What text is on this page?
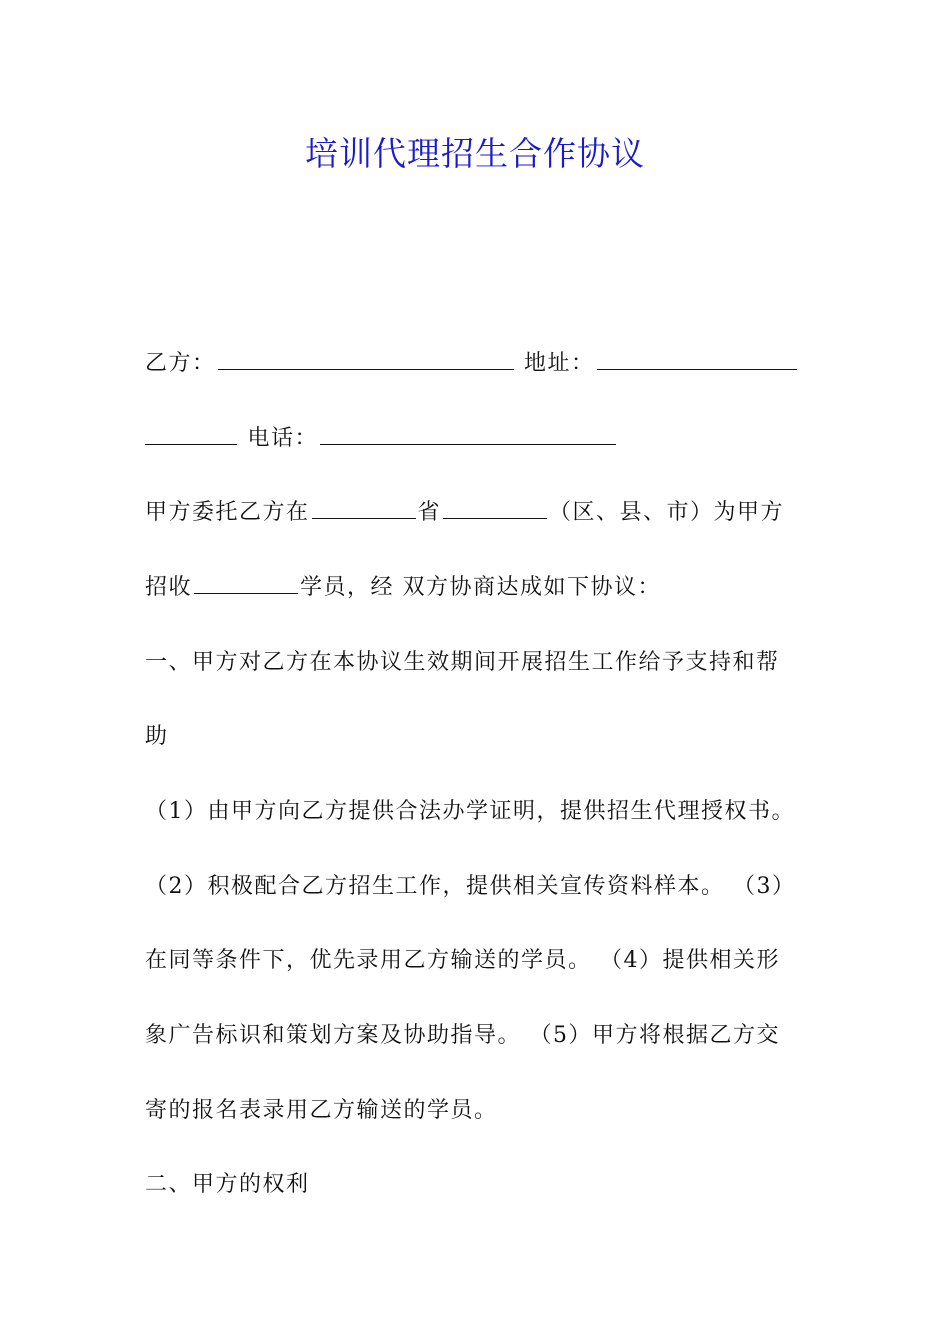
培训代理招生合作协议
乙方：	地址：
电话：
甲方委托乙方在	省	（区、县、市）为甲方
招收	学员，经 双方协商达成如下协议：
一、甲方对乙方在本协议生效期间开展招生工作给予支持和帮
助
（1）由甲方向乙方提供合法办学证明，提供招生代理授权书。
（2）积极配合乙方招生工作，提供相关宣传资料样本。 （3）
在同等条件下，优先录用乙方输送的学员。 （4）提供相关形
象广告标识和策划方案及协助指导。 （5）甲方将根据乙方交
寄的报名表录用乙方输送的学员。
二、甲方的权利
